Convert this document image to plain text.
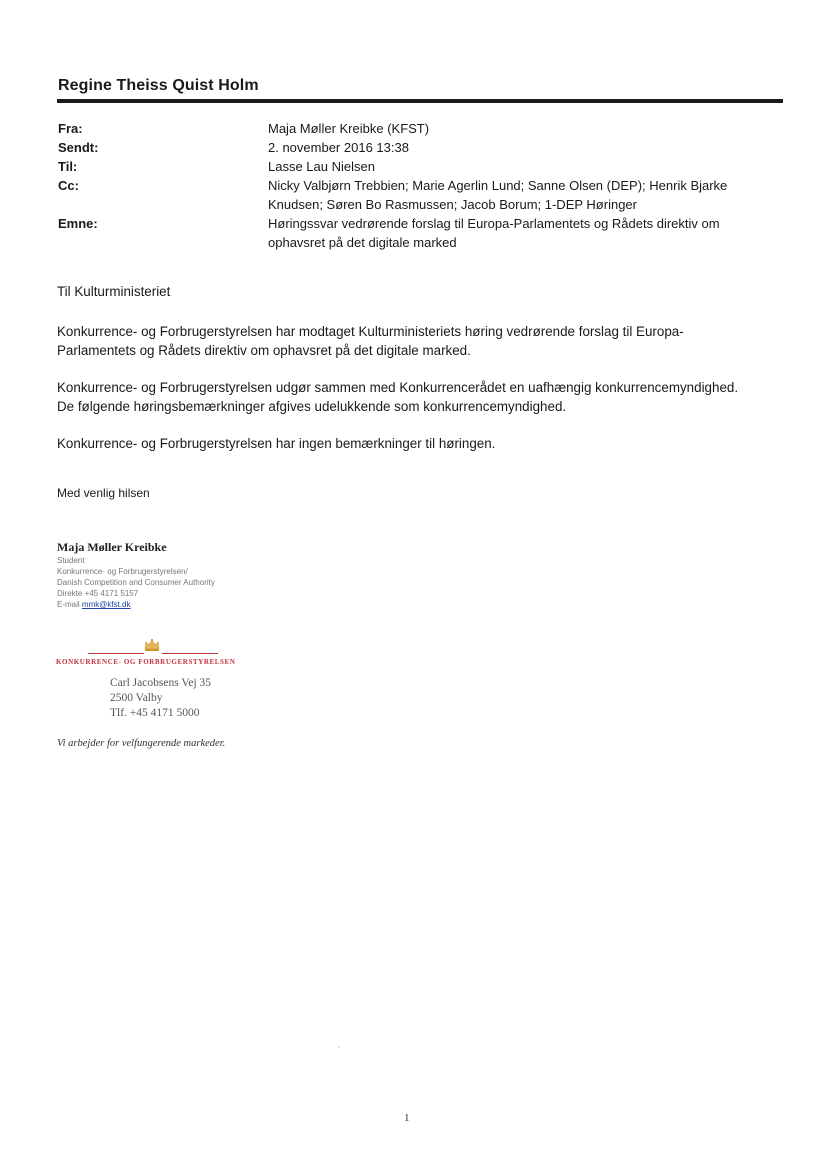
Regine Theiss Quist Holm
Fra:	Maja Møller Kreibke (KFST)
Sendt:	2. november 2016 13:38
Til:	Lasse Lau Nielsen
Cc:	Nicky Valbjørn Trebbien; Marie Agerlin Lund; Sanne Olsen (DEP); Henrik Bjarke
Knudsen; Søren Bo Rasmussen; Jacob Borum; 1-DEP Høringer
Emne:	Høringssvar vedrørende forslag til Europa-Parlamentets og Rådets direktiv om
ophavsret på det digitale marked
Til Kulturministeriet
Konkurrence- og Forbrugerstyrelsen har modtaget Kulturministeriets høring vedrørende forslag til Europa-
Parlamentets og Rådets direktiv om ophavsret på det digitale marked.
Konkurrence- og Forbrugerstyrelsen udgør sammen med Konkurrencerådet en uafhængig konkurrencemyndighed.
De følgende høringsbemærkninger afgives udelukkende som konkurrencemyndighed.
Konkurrence- og Forbrugerstyrelsen har ingen bemærkninger til høringen.
Med venlig hilsen
Maja Møller Kreibke
Student
Konkurrence- og Forbrugerstyrelsen/
Danish Competition and Consumer Authority
Direkte +45 4171 5157
E-mail mmk@kfst.dk
KONKURRENCE- OG FORBRUGERSTYRELSEN
Carl Jacobsens Vej 35
2500 Valby
Tlf. +45 4171 5000
Vi arbejder for velfungerende markeder.
1
